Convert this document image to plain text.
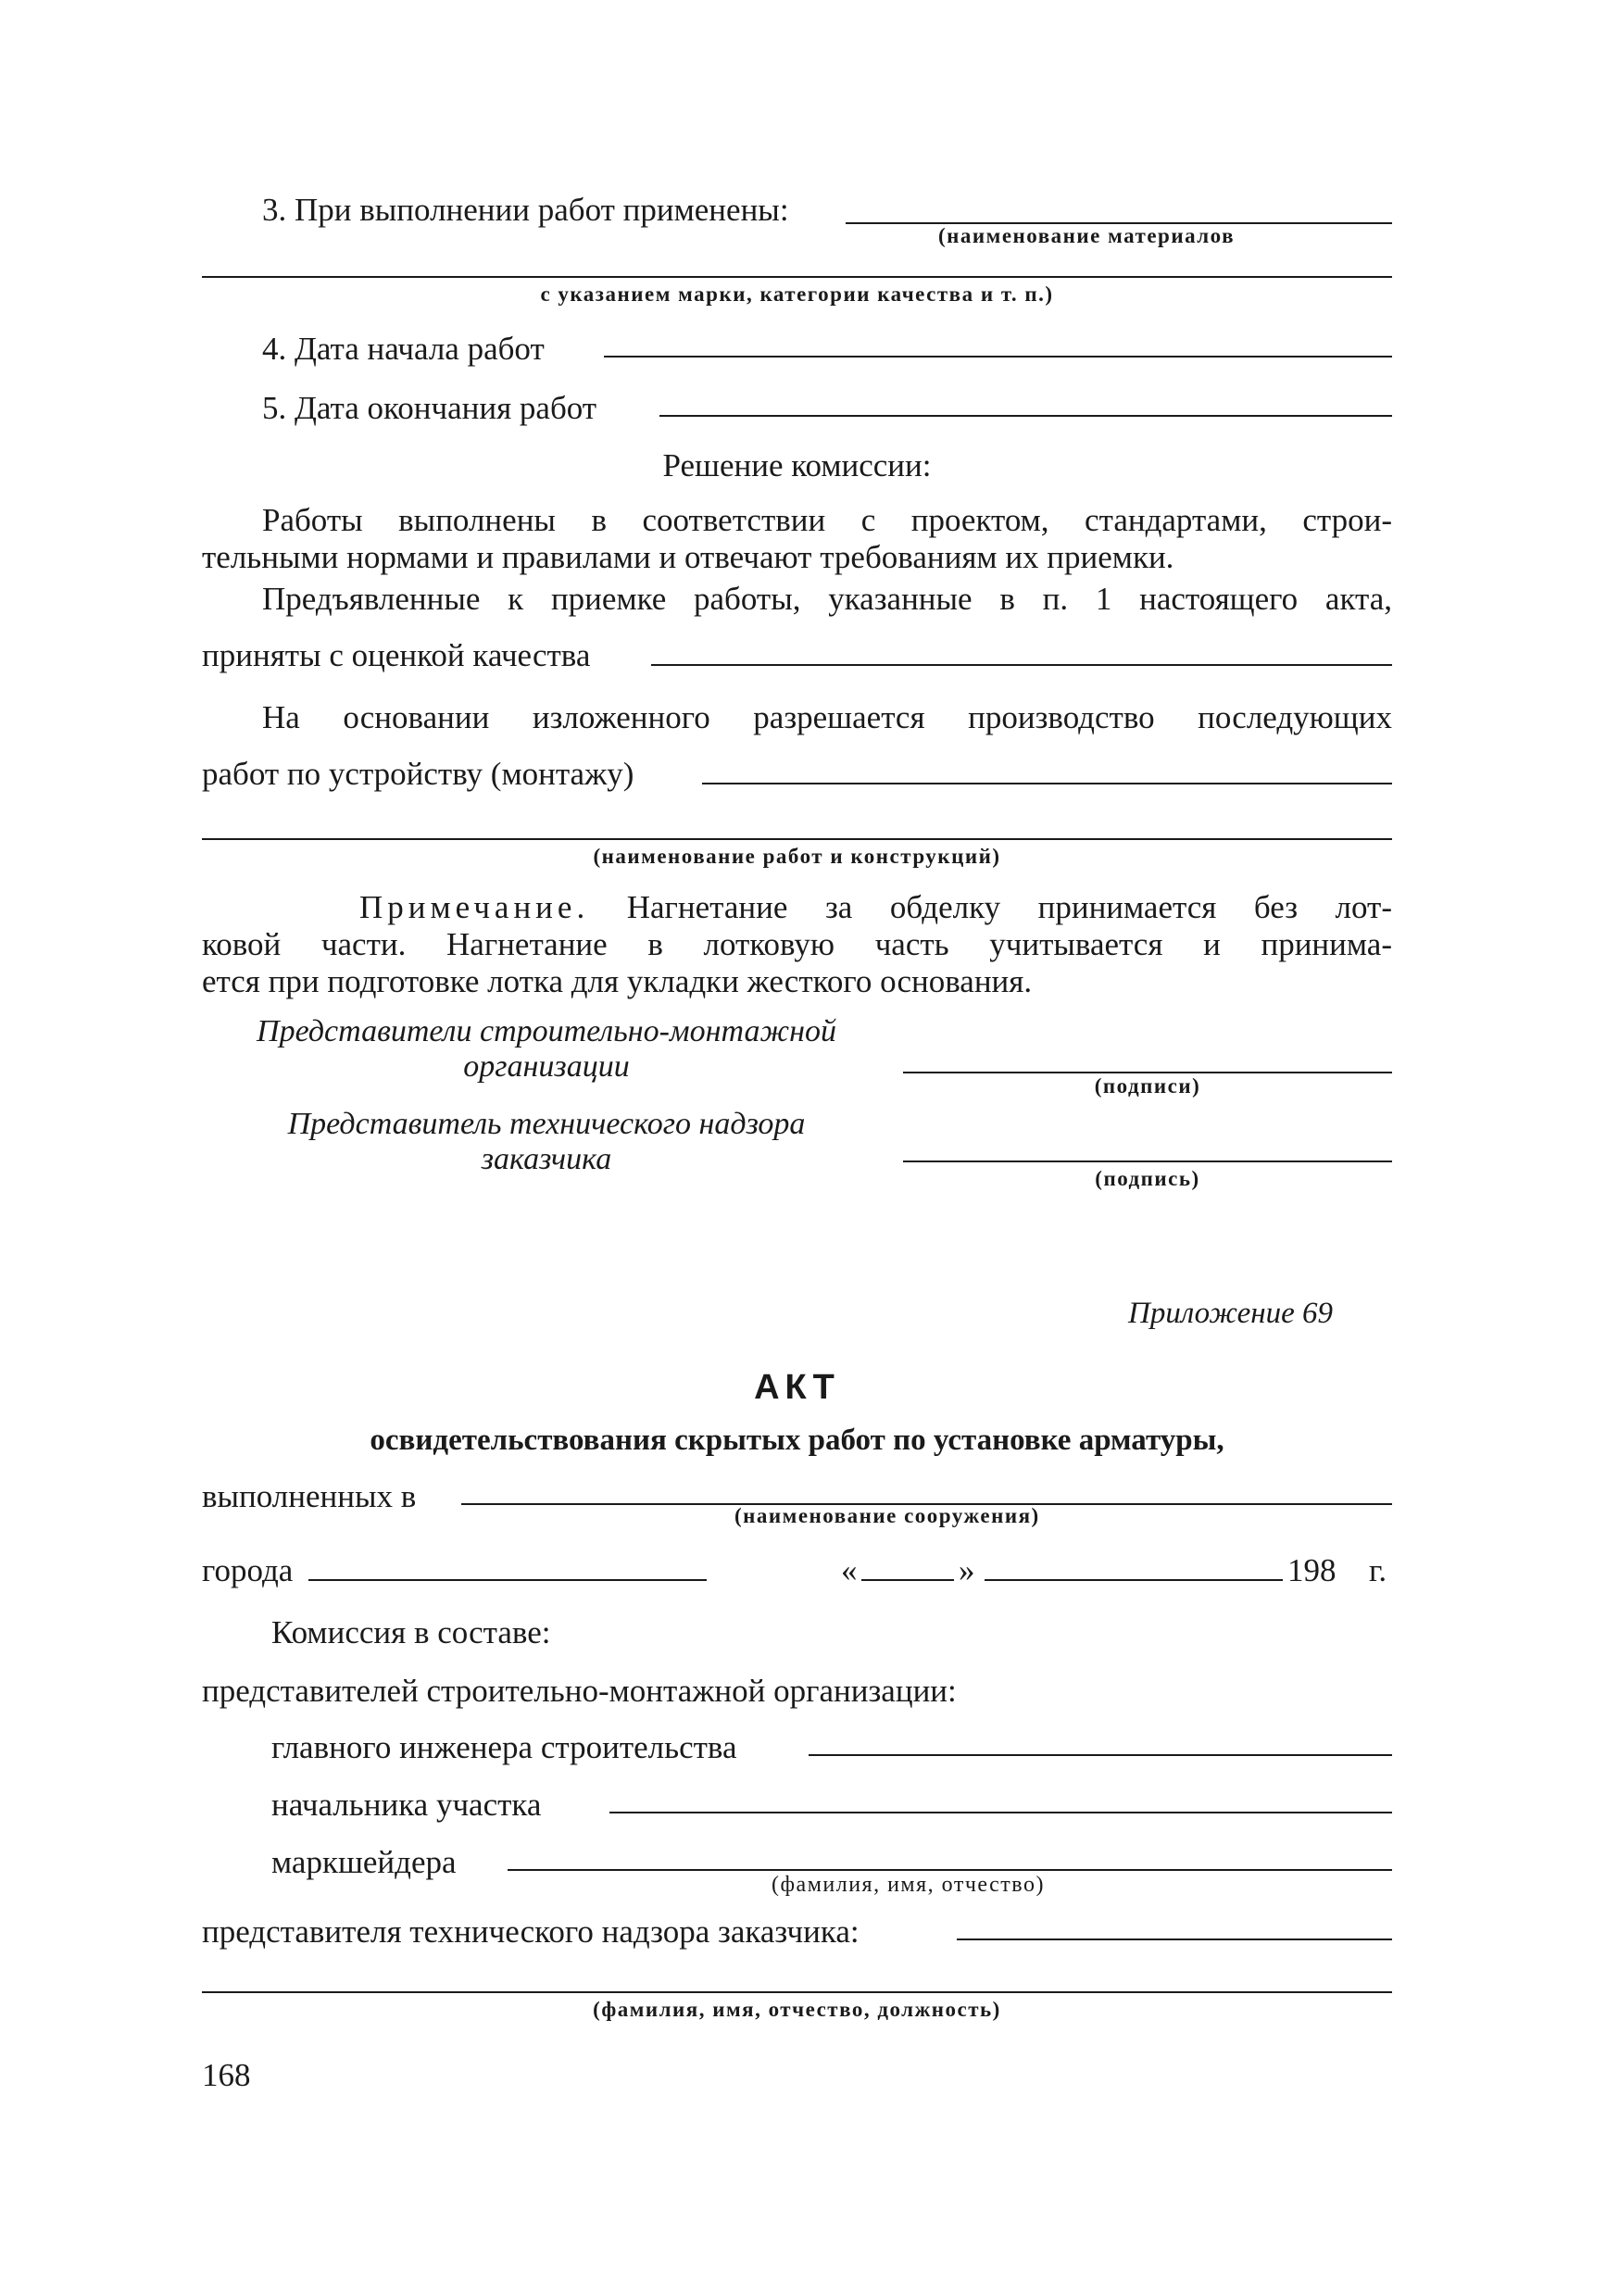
3. При выполнении работ применены:
(наименование материалов
с указанием марки, категории качества и т. п.)
4. Дата начала работ
5. Дата окончания работ
Решение комиссии:
Работы выполнены в соответствии с проектом, стандартами, строи-
тельными нормами и правилами и отвечают требованиям их приемки.
Предъявленные к приемке работы, указанные в п. 1 настоящего акта,
приняты с оценкой качества
На основании изложенного разрешается производство последующих
работ по устройству (монтажу)
(наименование работ и конструкций)
Примечание. Нагнетание за обделку принимается без лот-
ковой части. Нагнетание в лотковую часть учитывается и принима-
ется при подготовке лотка для укладки жесткого основания.
Представители строительно-монтажной
организации
(подписи)
Представитель технического надзора
заказчика
(подпись)
Приложение 69
АКТ
освидетельствования скрытых работ по установке арматуры,
выполненных в
(наименование сооружения)
города	«	»	198 г.
Комиссия в составе:
представителей строительно-монтажной организации:
главного инженера строительства
начальника участка
маркшейдера
(фамилия, имя, отчество)
представителя технического надзора заказчика:
(фамилия, имя, отчество, должность)
168
